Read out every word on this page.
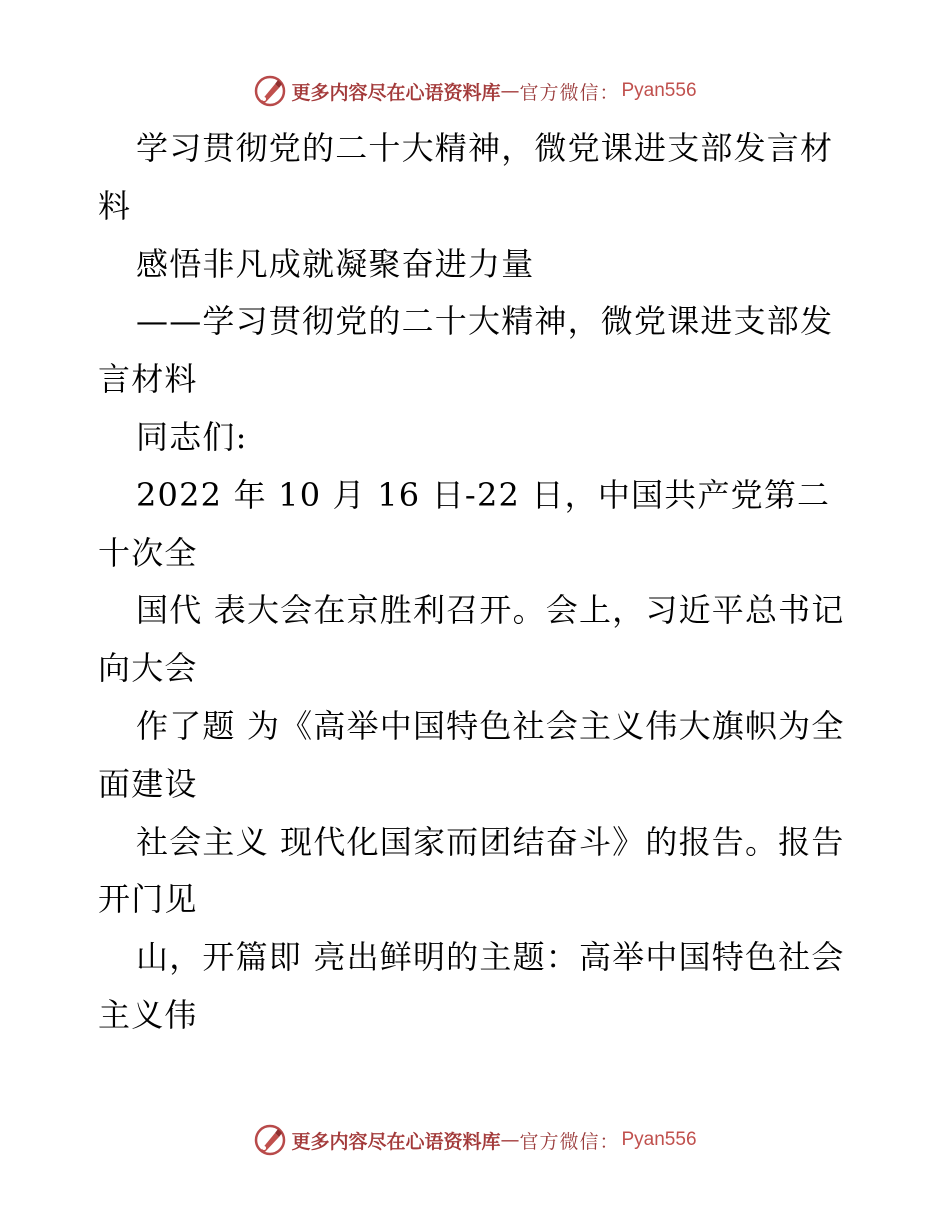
更多内容尽在心语资料库 — 官方微信： Pyan556

学习贯彻党的二十大精神，微党课进支部发言材料

感悟非凡成就凝聚奋进力量

——学习贯彻党的二十大精神，微党课进支部发言材料

同志们:

2022 年 10 月 16 日-22 日，中国共产党第二十次全

国代 表大会在京胜利召开。会上，习近平总书记向大会

作了题 为《高举中国特色社会主义伟大旗帜为全面建设

社会主义 现代化国家而团结奋斗》的报告。报告开门见

山，开篇即 亮出鲜明的主题：高举中国特色社会主义伟

更多内容尽在心语资料库 — 官方微信： Pyan556
